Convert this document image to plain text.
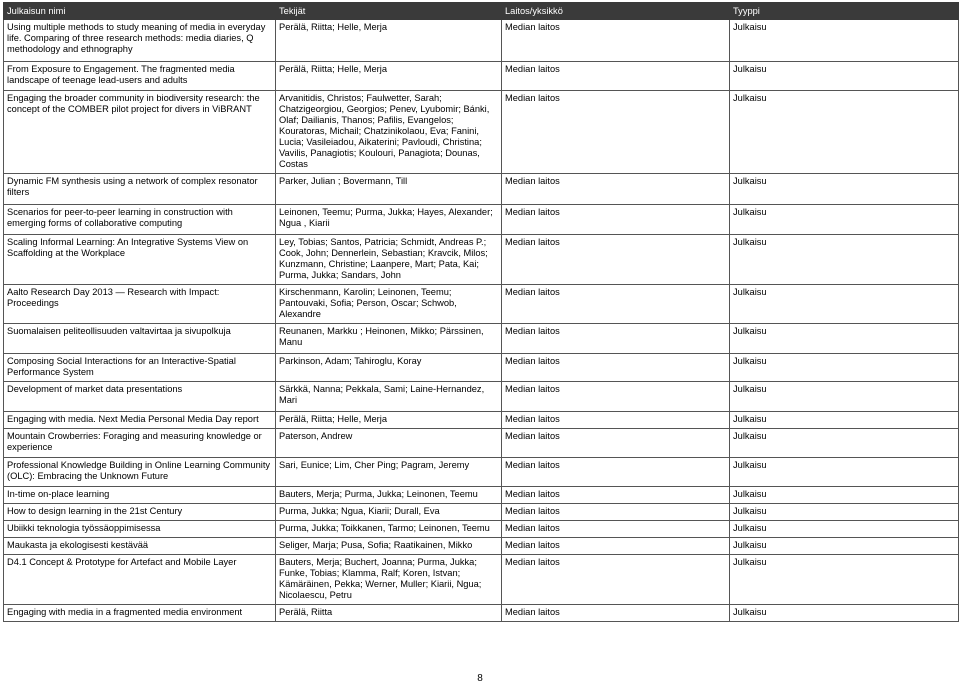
Julkaisun nimi	Tekijät	Laitos/yksikkö	Tyyppi
Using multiple methods to study meaning of media in everyday life. Comparing of three research methods: media diaries, Q methodology and ethnography	Perälä, Riitta; Helle, Merja	Median laitos	Julkaisu
From Exposure to Engagement. The fragmented media landscape of teenage lead-users and adults	Perälä, Riitta; Helle, Merja	Median laitos	Julkaisu
Engaging the broader community in biodiversity research: the concept of the COMBER pilot project for divers in ViBRANT	Arvanitidis, Christos; Faulwetter, Sarah; Chatzigeorgiou, Georgios; Penev, Lyubomir; Bánki, Olaf; Dailianis, Thanos; Pafilis, Evangelos; Kouratoras, Michail; Chatzinikolaou, Eva; Fanini, Lucia; Vasileiadou, Aikaterini; Pavloudi, Christina; Vavilis, Panagiotis; Koulouri, Panagiota; Dounas, Costas	Median laitos	Julkaisu
Dynamic FM synthesis using a network of complex resonator filters	Parker, Julian ; Bovermann, Till	Median laitos	Julkaisu
Scenarios for peer-to-peer learning in construction with emerging forms of collaborative computing	Leinonen, Teemu; Purma, Jukka; Hayes, Alexander; Ngua , Kiarii	Median laitos	Julkaisu
Scaling Informal Learning: An Integrative Systems View on Scaffolding at the Workplace	Ley, Tobias; Santos, Patricia; Schmidt, Andreas P.; Cook, John; Dennerlein, Sebastian; Kravcik, Milos; Kunzmann, Christine; Laanpere, Mart; Pata, Kai; Purma, Jukka; Sandars, John	Median laitos	Julkaisu
Aalto Research Day 2013 — Research with Impact: Proceedings	Kirschenmann, Karolin; Leinonen, Teemu; Pantouvaki, Sofia; Person, Oscar; Schwob, Alexandre	Median laitos	Julkaisu
Suomalaisen peliteollisuuden valtavirtaa ja sivupolkuja	Reunanen, Markku ; Heinonen, Mikko; Pärssinen, Manu	Median laitos	Julkaisu
Composing Social Interactions for an Interactive-Spatial Performance System	Parkinson, Adam; Tahiroglu, Koray	Median laitos	Julkaisu
Development of market data presentations	Särkkä, Nanna; Pekkala, Sami; Laine-Hernandez, Mari	Median laitos	Julkaisu
Engaging with media. Next Media Personal Media Day report	Perälä, Riitta; Helle, Merja	Median laitos	Julkaisu
Mountain Crowberries: Foraging and measuring knowledge or experience	Paterson, Andrew	Median laitos	Julkaisu
Professional Knowledge Building in Online Learning Community (OLC): Embracing the Unknown Future	Sari, Eunice; Lim, Cher Ping; Pagram, Jeremy	Median laitos	Julkaisu
In-time on-place learning	Bauters, Merja; Purma, Jukka; Leinonen, Teemu	Median laitos	Julkaisu
How to design learning in the 21st Century	Purma, Jukka; Ngua, Kiarii; Durall, Eva	Median laitos	Julkaisu
Ubiikki teknologia työssäoppimisessa	Purma, Jukka; Toikkanen, Tarmo; Leinonen, Teemu	Median laitos	Julkaisu
Maukasta ja ekologisesti kestävää	Seliger, Marja; Pusa, Sofia; Raatikainen, Mikko	Median laitos	Julkaisu
D4.1 Concept & Prototype for Artefact and Mobile Layer	Bauters, Merja; Buchert, Joanna; Purma, Jukka; Funke, Tobias; Klamma, Ralf; Koren, Istvan; Kämäräinen, Pekka; Werner, Muller; Kiarii, Ngua; Nicolaescu, Petru	Median laitos	Julkaisu
Engaging with media in a fragmented media environment	Perälä, Riitta	Median laitos	Julkaisu
8
